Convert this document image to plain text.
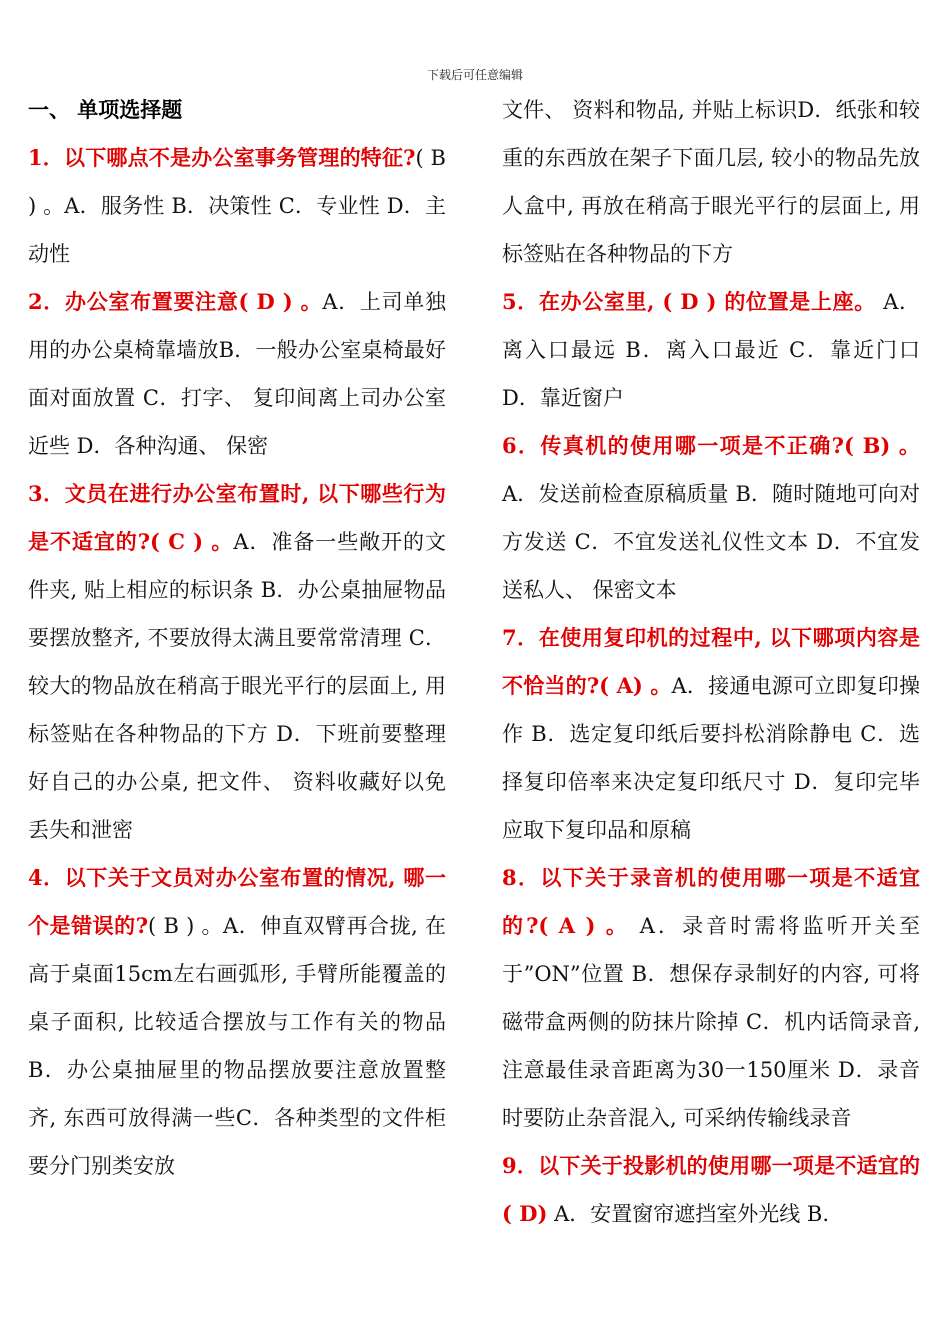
下载后可任意编辑
一、 单项选择题

1．以下哪点不是办公室事务管理的特征?( B ) 。A．服务性 B．决策性 C．专业性 D．主动性

2．办公室布置要注意( D ) 。A．上司单独用的办公桌椅靠墙放B．一般办公室桌椅最好面对面放置 C．打字、 复印间离上司办公室近些 D．各种沟通、 保密

3．文员在进行办公室布置时, 以下哪些行为是不适宜的?( C ) 。A．准备一些敞开的文件夹, 贴上相应的标识条 B．办公桌抽屉物品要摆放整齐, 不要放得太满且要常常清理 C．较大的物品放在稍高于眼光平行的层面上, 用标签贴在各种物品的下方 D．下班前要整理好自己的办公桌, 把文件、 资料收藏好以免丢失和泄密

4．以下关于文员对办公室布置的情况, 哪一个是错误的?( B ) 。A．伸直双臂再合拢, 在高于桌面15cm左右画弧形, 手臂所能覆盖的桌子面积, 比较适合摆放与工作有关的物品B．办公桌抽屉里的物品摆放要注意放置整齐, 东西可放得满一些C．各种类型的文件柜要分门别类安放

文件、 资料和物品, 并贴上标识D．纸张和较重的东西放在架子下面几层, 较小的物品先放人盒中, 再放在稍高于眼光平行的层面上, 用标签贴在各种物品的下方

5．在办公室里, ( D ) 的位置是上座。 A．离入口最远 B．离入口最近 C．靠近门口 D．靠近窗户

6．传真机的使用哪一项是不正确?( B) 。 A．发送前检查原稿质量 B．随时随地可向对方发送 C．不宜发送礼仪性文本 D．不宜发送私人、 保密文本

7．在使用复印机的过程中, 以下哪项内容是不恰当的?( A) 。A．接通电源可立即复印操作 B．选定复印纸后要抖松消除静电 C．选择复印倍率来决定复印纸尺寸 D．复印完毕应取下复印品和原稿

8．以下关于录音机的使用哪一项是不适宜的?( A ) 。 A．录音时需将监听开关至于”ON”位置 B．想保存录制好的内容, 可将磁带盒两侧的防抹片除掉 C．机内话筒录音, 注意最佳录音距离为30一150厘米 D．录音时要防止杂音混入, 可采纳传输线录音

9．以下关于投影机的使用哪一项是不适宜的( D) A．安置窗帘遮挡室外光线 B.
